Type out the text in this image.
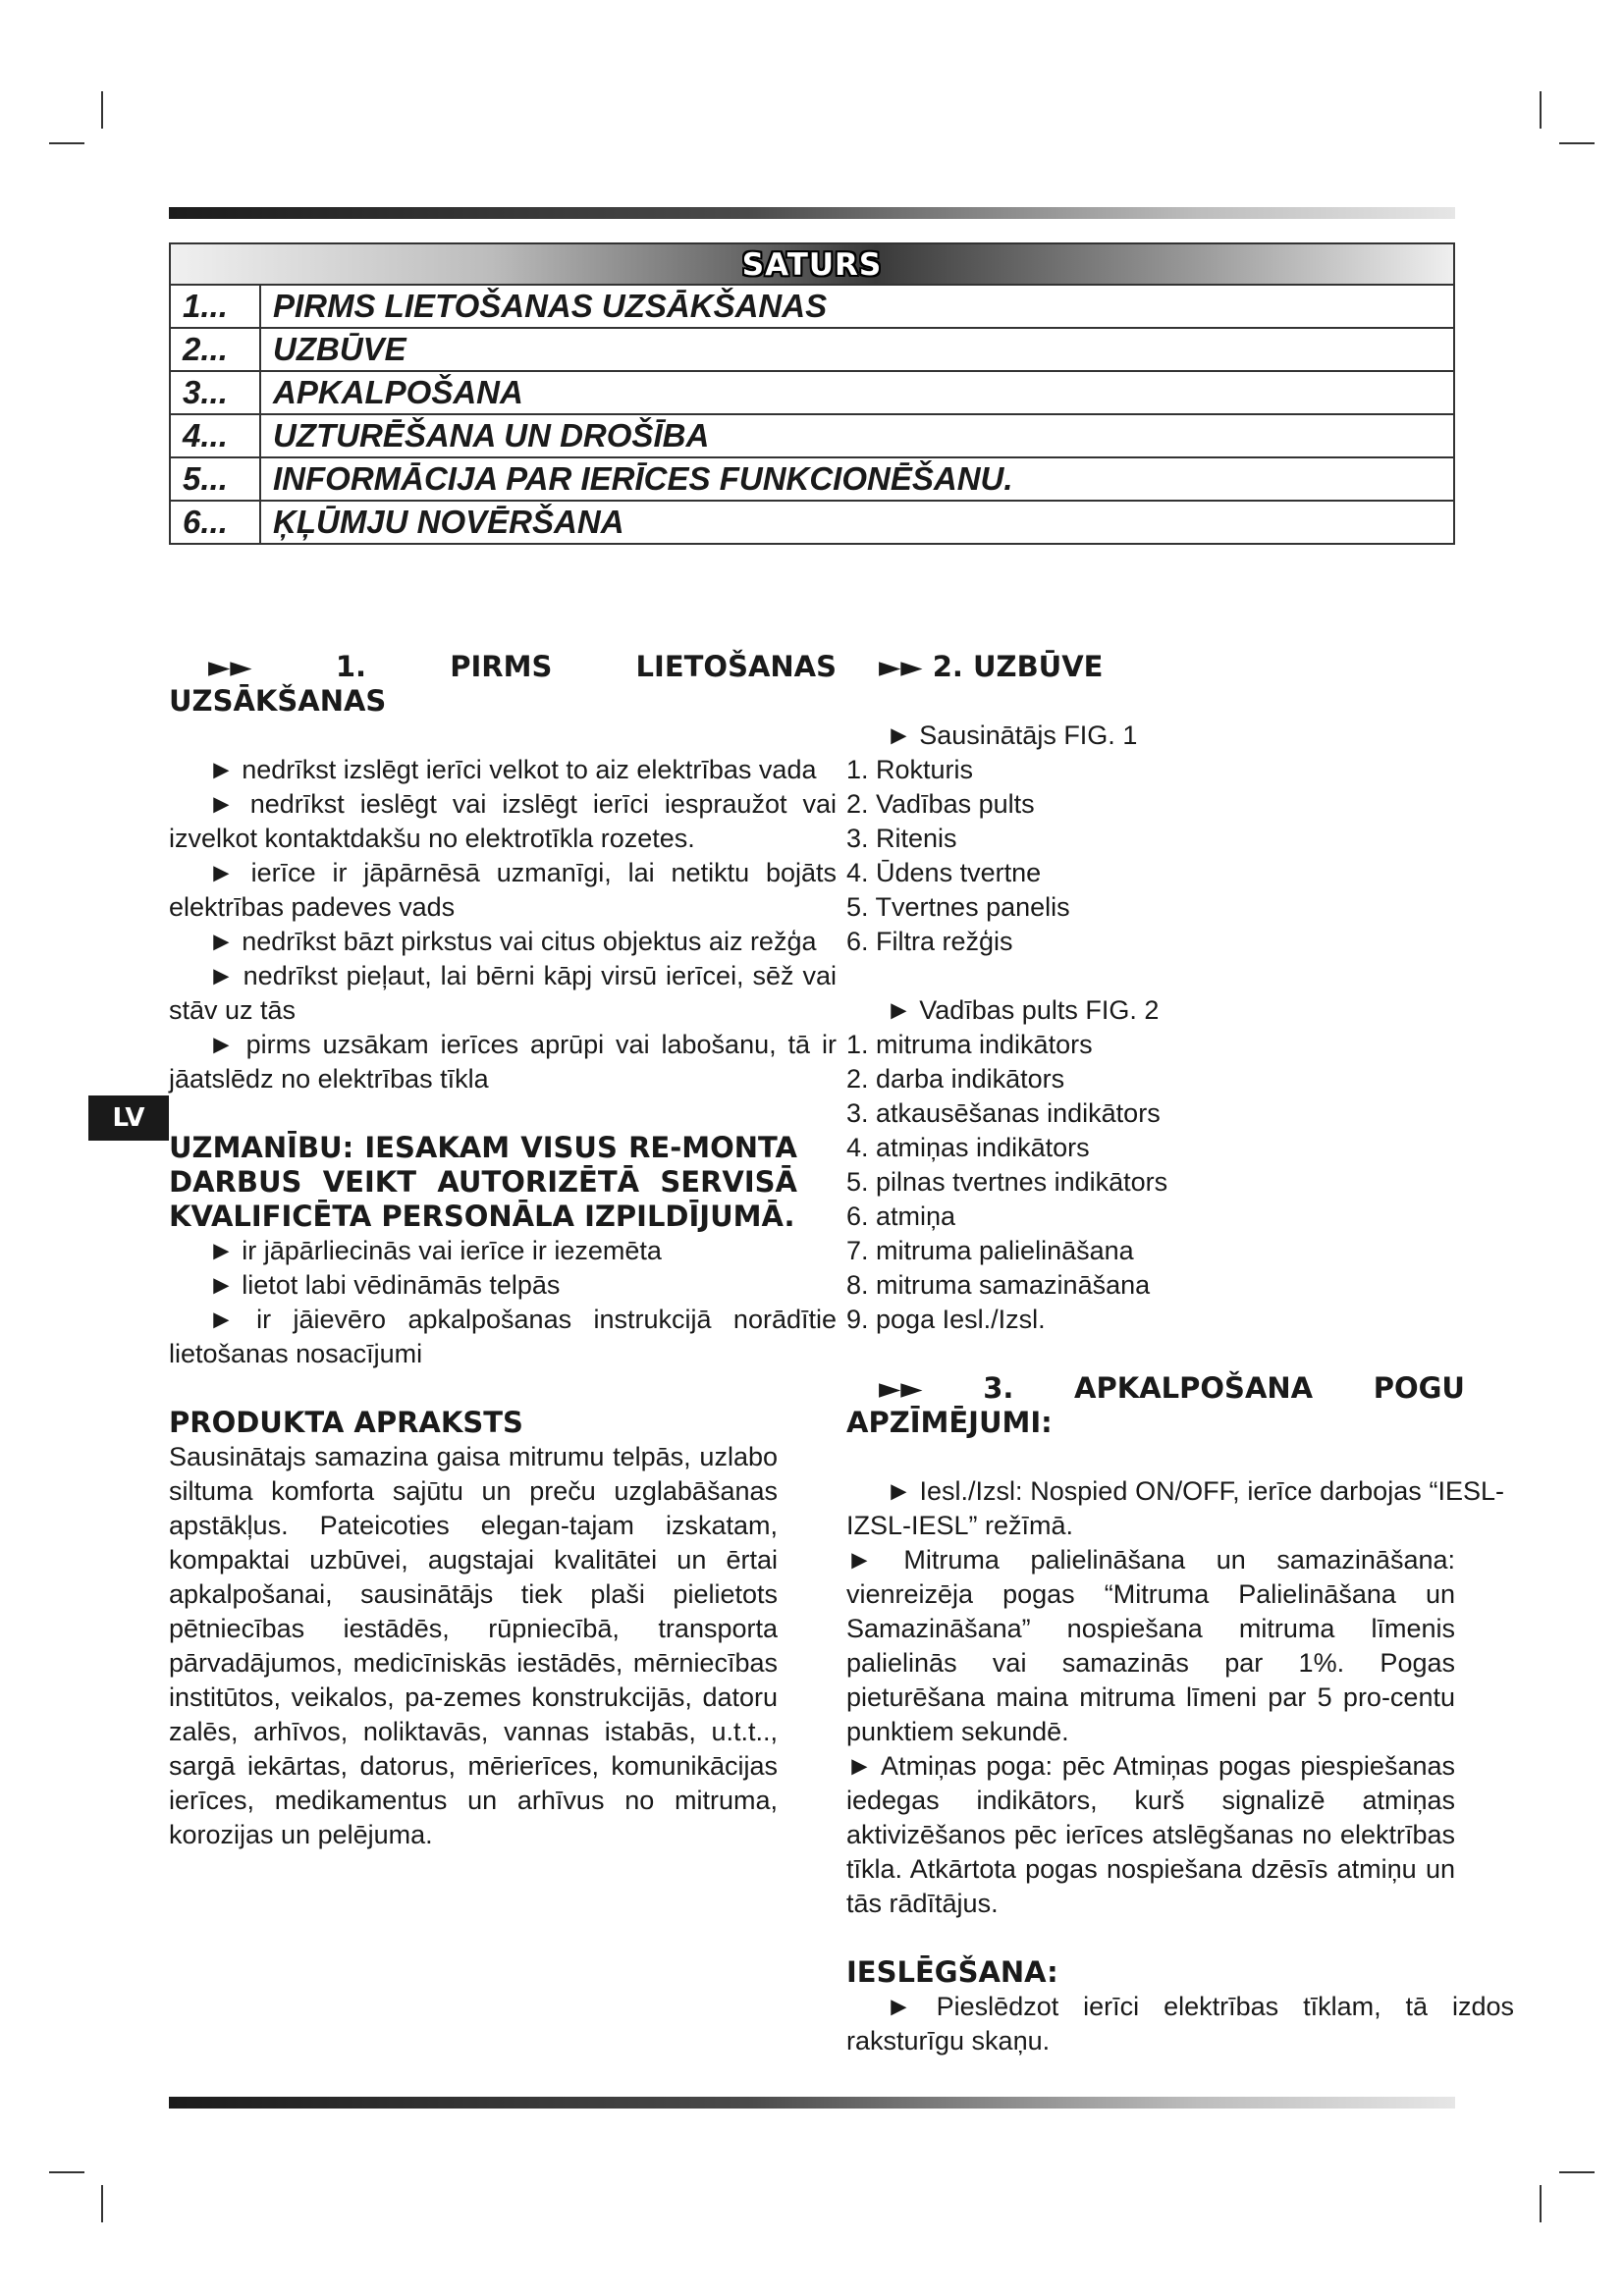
SATURS	
1...	PIRMS LIETOŠANAS UZSĀKŠANAS
2...	UZBŪVE
3...	APKALPOŠANA
4...	UZTURĒŠANA UN DROŠĪBA
5...	INFORMĀCIJA PAR IERĪCES FUNKCIONĒŠANU.
6...	ĶĻŪMJU NOVĒRŠANA
LV

►► 1. PIRMS LIETOŠANAS UZSĀKŠANAS

► nedrīkst izslēgt ierīci velkot to aiz elektrības vada

► nedrīkst ieslēgt vai izslēgt ierīci iespraužot vai izvelkot kontaktdakšu no elektrotīkla rozetes.

► ierīce ir jāpārnēsā uzmanīgi, lai netiktu bojāts elektrības padeves vads

► nedrīkst bāzt pirkstus vai citus objektus aiz režģa

► nedrīkst pieļaut, lai bērni kāpj virsū ierīcei, sēž vai stāv uz tās

► pirms uzsākam ierīces aprūpi vai labošanu, tā ir jāatslēdz no elektrības tīkla

UZMANĪBU: IESAKAM VISUS RE-MONTA DARBUS VEIKT AUTORIZĒTĀ SERVISĀ KVALIFICĒTA PERSONĀLA IZPILDĪJUMĀ.

► ir jāpārliecinās vai ierīce ir iezemēta

► lietot labi vēdināmās telpās

► ir jāievēro apkalpošanas instrukcijā norādītie lietošanas nosacījumi

PRODUKTA APRAKSTS

Sausinātajs samazina gaisa mitrumu telpās, uzlabo siltuma komforta sajūtu un preču uzglabāšanas apstākļus. Pateicoties elegan-tajam izskatam, kompaktai uzbūvei, augstajai kvalitātei un ērtai apkalpošanai, sausinātājs tiek plaši pielietots pētniecības iestādēs, rūpniecībā, transporta pārvadājumos, medicīniskās iestādēs, mērniecības institūtos, veikalos, pa-zemes konstrukcijās, datoru zalēs, arhīvos, noliktavās, vannas istabās, u.t.t.., sargā iekārtas, datorus, mērierīces, komunikācijas ierīces, medikamentus un arhīvus no mitruma, korozijas un pelējuma.

►► 2. UZBŪVE

► Sausinātājs FIG. 1

1. Rokturis

2. Vadības pults

3. Ritenis

4. Ūdens tvertne

5. Tvertnes panelis

6. Filtra režģis

► Vadības pults FIG. 2

1. mitruma indikātors

2. darba indikātors

3. atkausēšanas indikātors

4. atmiņas indikātors

5. pilnas tvertnes indikātors

6. atmiņa

7. mitruma palielināšana

8. mitruma samazināšana

9. poga Iesl./Izsl.

►► 3. APKALPOŠANA POGU APZĪMĒJUMI:

► Iesl./Izsl: Nospied ON/OFF, ierīce darbojas “IESL-IZSL-IESL” režīmā.

► Mitruma palielināšana un samazināšana: vienreizēja pogas “Mitruma Palielināšana un Samazināšana” nospiešana mitruma līmenis palielinās vai samazinās par 1%. Pogas pieturēšana maina mitruma līmeni par 5 pro-centu punktiem sekundē.

► Atmiņas poga: pēc Atmiņas pogas piespiešanas iedegas indikātors, kurš signalizē atmiņas aktivizēšanos pēc ierīces atslēgšanas no elektrības tīkla. Atkārtota pogas nospiešana dzēsīs atmiņu un tās rādītājus.

IESLĒGŠANA:

► Pieslēdzot ierīci elektrības tīklam, tā izdos raksturīgu skaņu.
